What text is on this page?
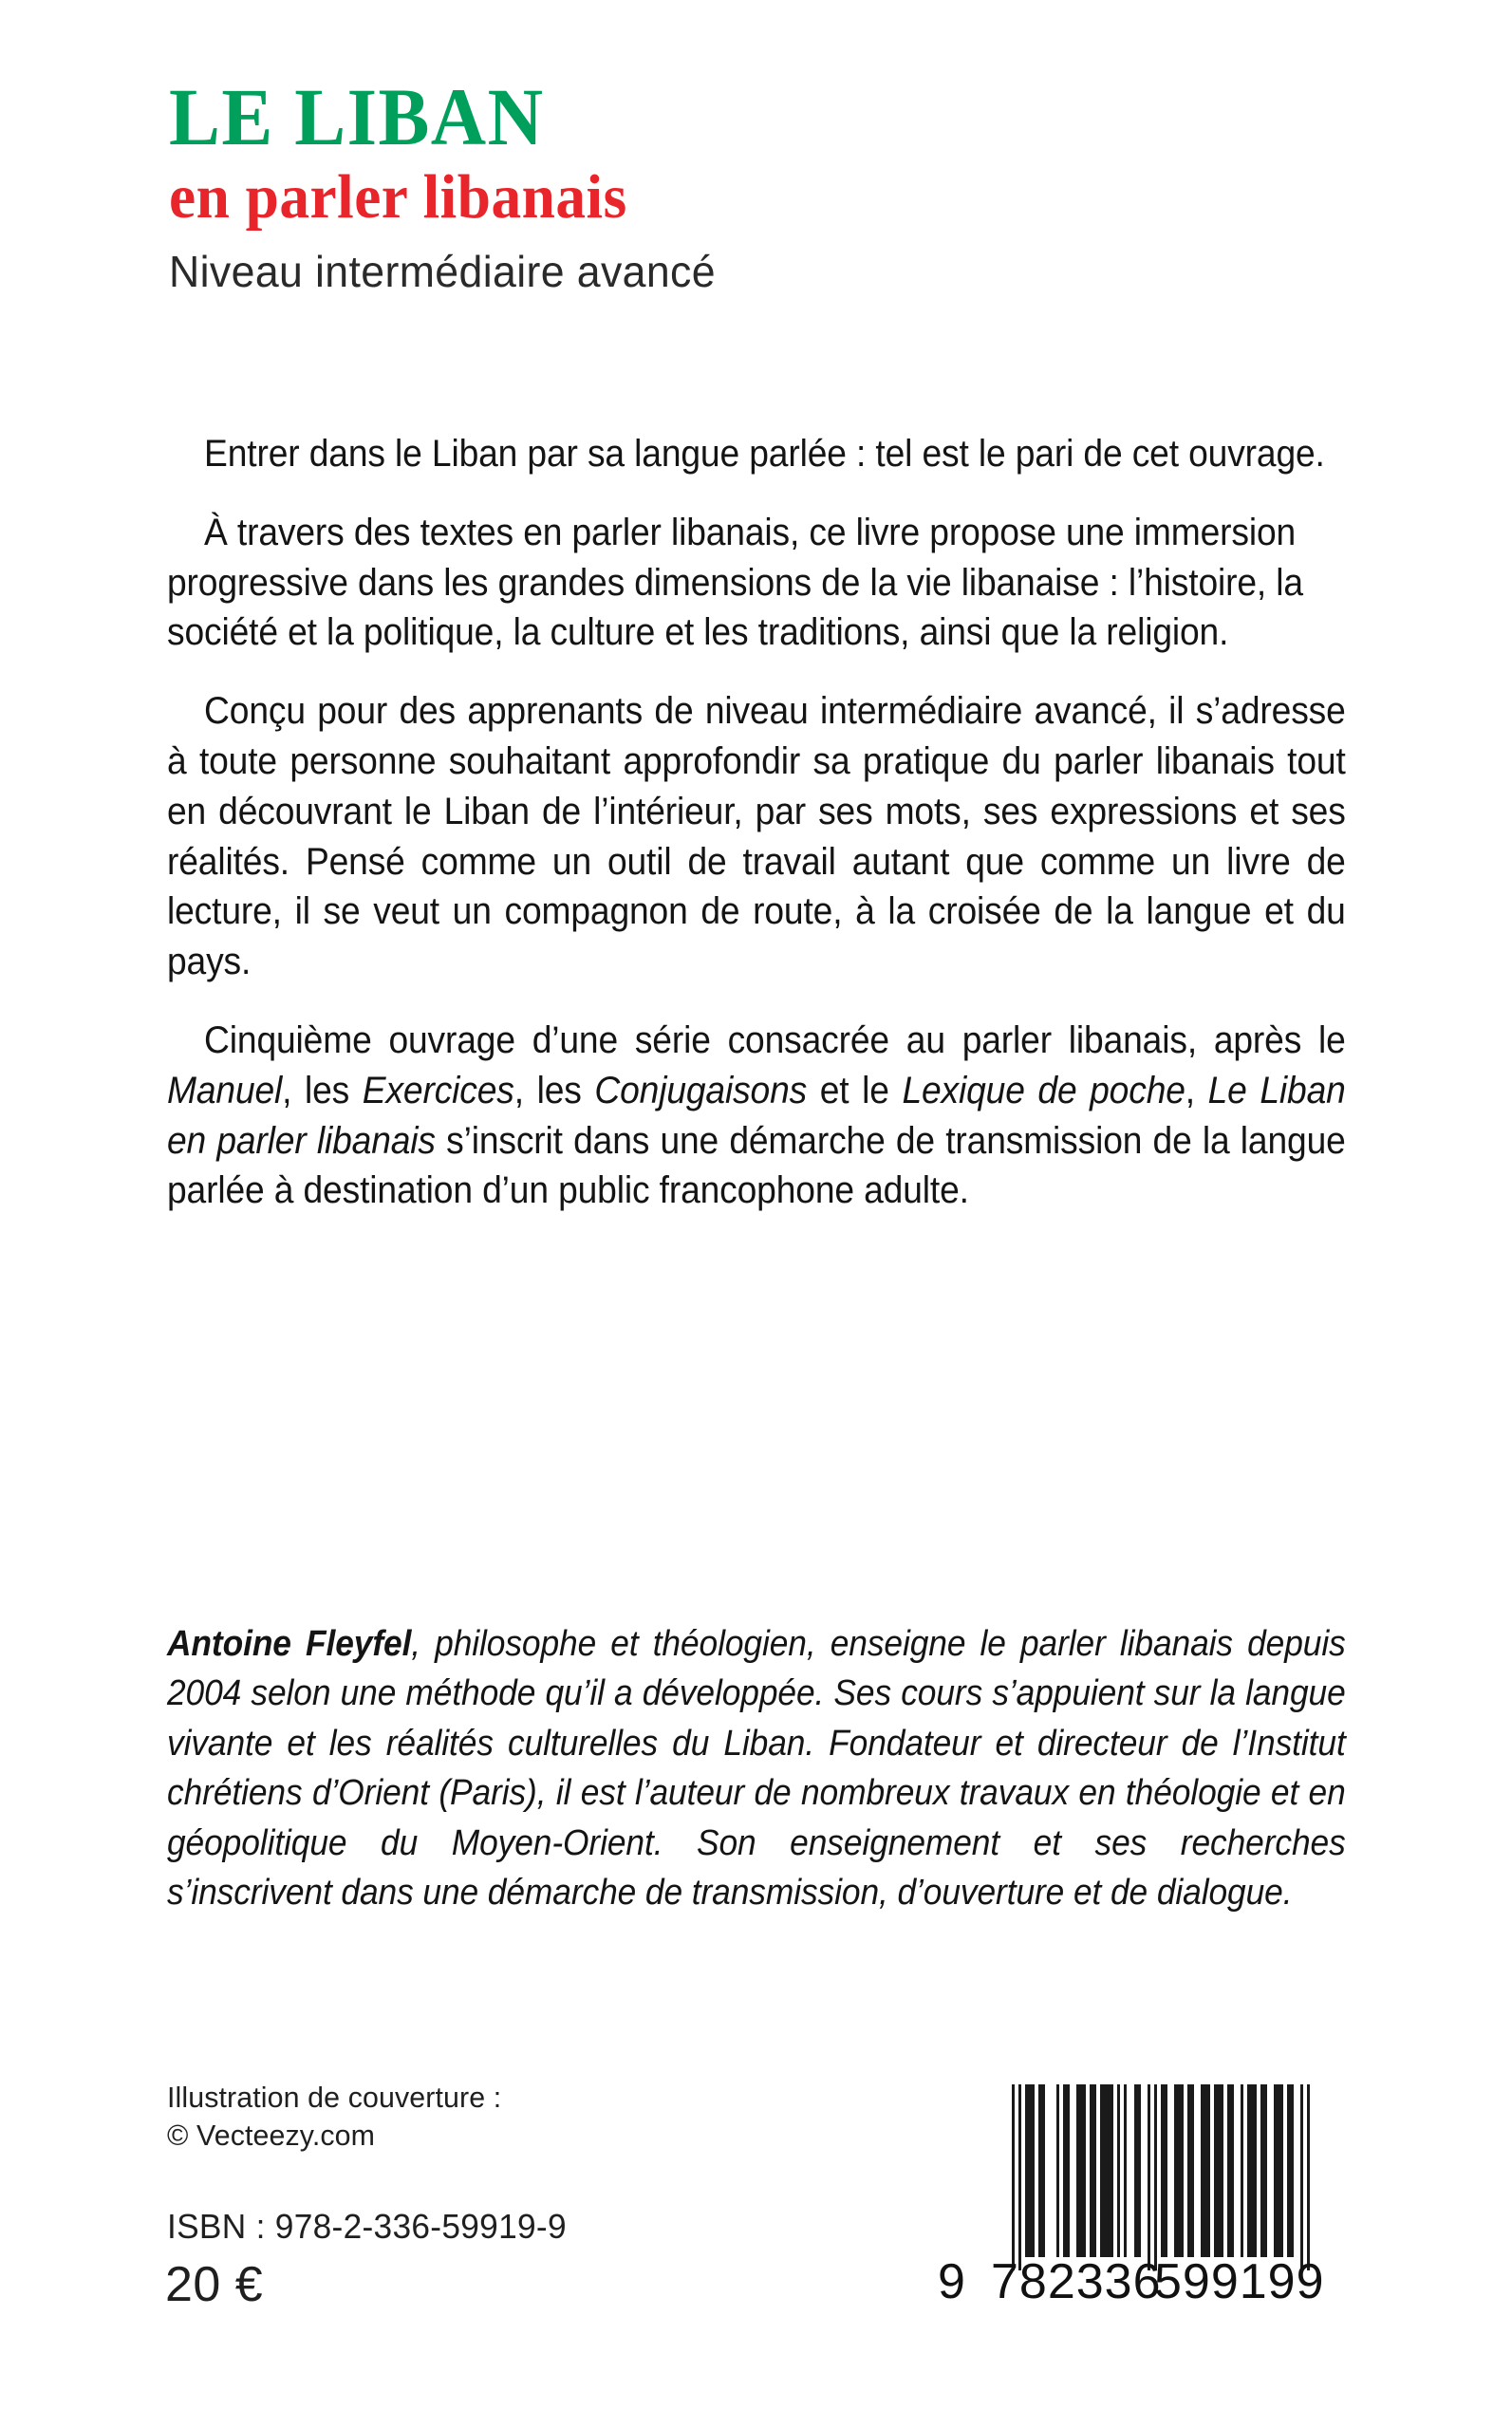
LE LIBAN
en parler libanais

Niveau intermédiaire avancé

Entrer dans le Liban par sa langue parlée : tel est le pari de cet ouvrage.

À travers des textes en parler libanais, ce livre propose une immersion progressive dans les grandes dimensions de la vie libanaise : l’histoire, la société et la politique, la culture et les traditions, ainsi que la religion.

Conçu pour des apprenants de niveau intermédiaire avancé, il s’adresse à toute personne souhaitant approfondir sa pratique du parler libanais tout en découvrant le Liban de l’intérieur, par ses mots, ses expressions et ses réalités. Pensé comme un outil de travail autant que comme un livre de lecture, il se veut un compagnon de route, à la croisée de la langue et du pays.

Cinquième ouvrage d’une série consacrée au parler libanais, après le Manuel, les Exercices, les Conjugaisons et le Lexique de poche, Le Liban en parler libanais s’inscrit dans une démarche de transmission de la langue parlée à destination d’un public francophone adulte.

Antoine Fleyfel, philosophe et théologien, enseigne le parler libanais depuis 2004 selon une méthode qu’il a développée. Ses cours s’appuient sur la langue vivante et les réalités culturelles du Liban. Fondateur et directeur de l’Institut chrétiens d’Orient (Paris), il est l’auteur de nombreux travaux en théologie et en géopolitique du Moyen-Orient. Son enseignement et ses recherches s’inscrivent dans une démarche de transmission, d’ouverture et de dialogue.

Illustration de couverture :
© Vecteezy.com
ISBN : 978-2-336-59919-9
20 €	9 782336
599199
